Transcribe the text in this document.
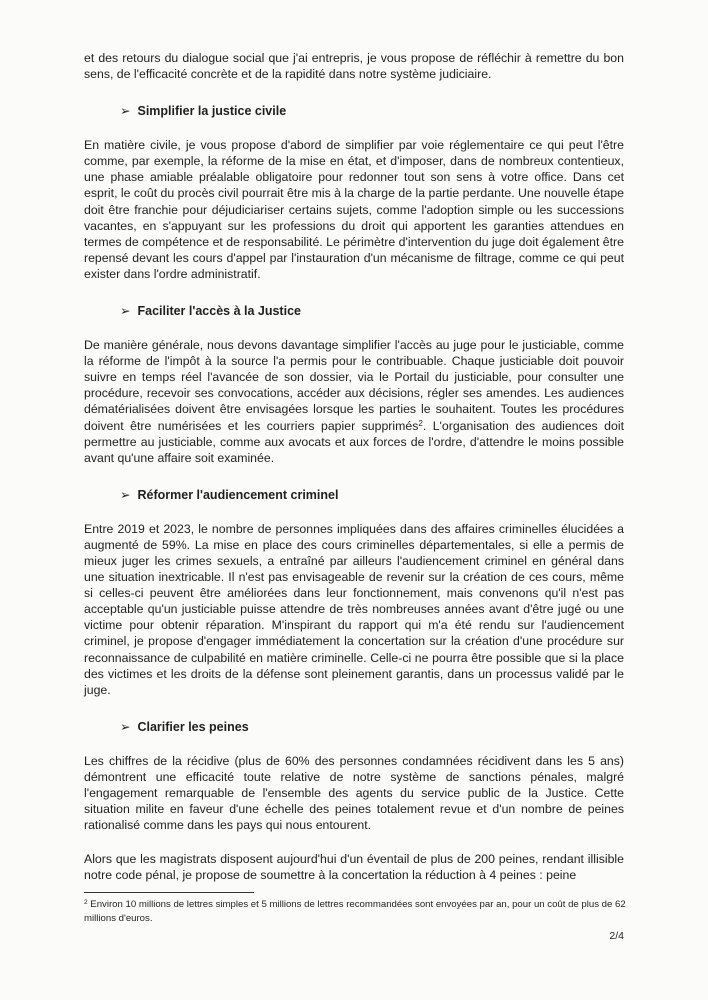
et des retours du dialogue social que j'ai entrepris, je vous propose de réfléchir à remettre du bon sens, de l'efficacité concrète et de la rapidité dans notre système judiciaire.

➢ Simplifier la justice civile

En matière civile, je vous propose d'abord de simplifier par voie réglementaire ce qui peut l'être comme, par exemple, la réforme de la mise en état, et d'imposer, dans de nombreux contentieux, une phase amiable préalable obligatoire pour redonner tout son sens à votre office. Dans cet esprit, le coût du procès civil pourrait être mis à la charge de la partie perdante. Une nouvelle étape doit être franchie pour déjudiciariser certains sujets, comme l'adoption simple ou les successions vacantes, en s'appuyant sur les professions du droit qui apportent les garanties attendues en termes de compétence et de responsabilité. Le périmètre d'intervention du juge doit également être repensé devant les cours d'appel par l'instauration d'un mécanisme de filtrage, comme ce qui peut exister dans l'ordre administratif.

➢ Faciliter l'accès à la Justice

De manière générale, nous devons davantage simplifier l'accès au juge pour le justiciable, comme la réforme de l'impôt à la source l'a permis pour le contribuable. Chaque justiciable doit pouvoir suivre en temps réel l'avancée de son dossier, via le Portail du justiciable, pour consulter une procédure, recevoir ses convocations, accéder aux décisions, régler ses amendes. Les audiences dématérialisées doivent être envisagées lorsque les parties le souhaitent. Toutes les procédures doivent être numérisées et les courriers papier supprimés$^2$. L'organisation des audiences doit permettre au justiciable, comme aux avocats et aux forces de l'ordre, d'attendre le moins possible avant qu'une affaire soit examinée.

➢ Réformer l'audiencement criminel

Entre 2019 et 2023, le nombre de personnes impliquées dans des affaires criminelles élucidées a augmenté de 59%. La mise en place des cours criminelles départementales, si elle a permis de mieux juger les crimes sexuels, a entraîné par ailleurs l'audiencement criminel en général dans une situation inextricable. Il n'est pas envisageable de revenir sur la création de ces cours, même si celles-ci peuvent être améliorées dans leur fonctionnement, mais convenons qu'il n'est pas acceptable qu'un justiciable puisse attendre de très nombreuses années avant d'être jugé ou une victime pour obtenir réparation. M'inspirant du rapport qui m'a été rendu sur l'audiencement criminel, je propose d'engager immédiatement la concertation sur la création d'une procédure sur reconnaissance de culpabilité en matière criminelle. Celle-ci ne pourra être possible que si la place des victimes et les droits de la défense sont pleinement garantis, dans un processus validé par le juge.

➢ Clarifier les peines

Les chiffres de la récidive (plus de 60% des personnes condamnées récidivent dans les 5 ans) démontrent une efficacité toute relative de notre système de sanctions pénales, malgré l'engagement remarquable de l'ensemble des agents du service public de la Justice. Cette situation milite en faveur d'une échelle des peines totalement revue et d'un nombre de peines rationalisé comme dans les pays qui nous entourent.

Alors que les magistrats disposent aujourd'hui d'un éventail de plus de 200 peines, rendant illisible notre code pénal, je propose de soumettre à la concertation la réduction à 4 peines : peine

$^2$ Environ 10 millions de lettres simples et 5 millions de lettres recommandées sont envoyées par an, pour un coût de plus de 62 millions d'euros.

2/4
